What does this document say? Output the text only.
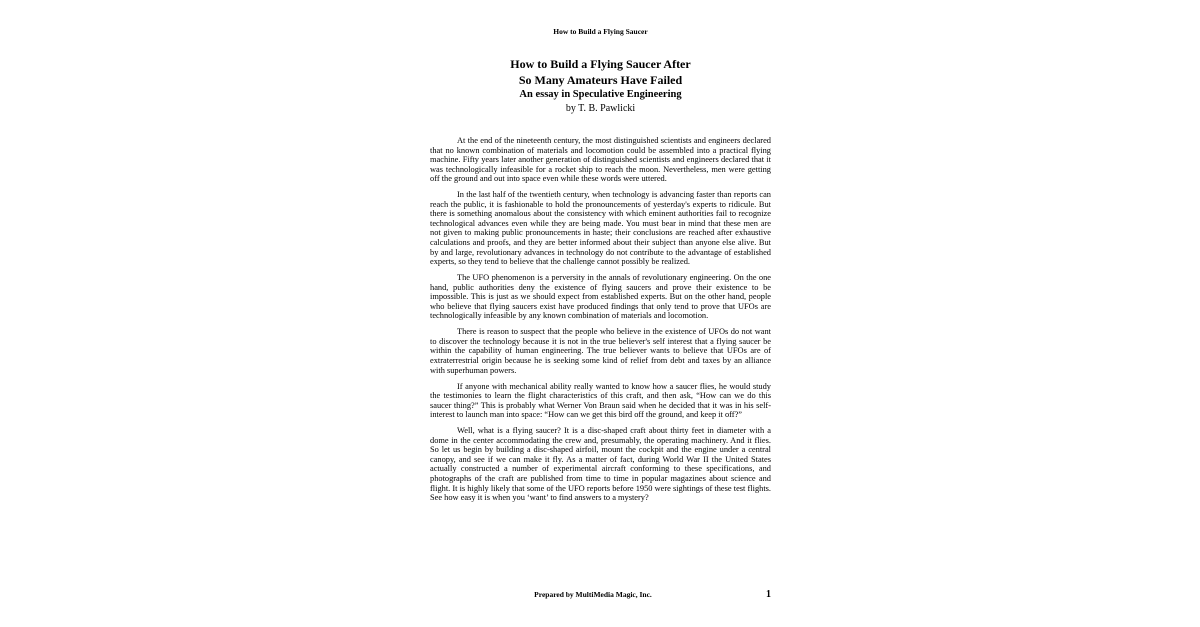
How to Build a Flying Saucer
How to Build a Flying Saucer After
So Many Amateurs Have Failed
An essay in Speculative Engineering
by T. B. Pawlicki

At the end of the nineteenth century, the most distinguished scientists and engineers declared that no known combination of materials and locomotion could be assembled into a practical flying machine. Fifty years later another generation of distinguished scientists and engineers declared that it was technologically infeasible for a rocket ship to reach the moon. Nevertheless, men were getting off the ground and out into space even while these words were uttered.

In the last half of the twentieth century, when technology is advancing faster than reports can reach the public, it is fashionable to hold the pronouncements of yesterday's experts to ridicule. But there is something anomalous about the consistency with which eminent authorities fail to recognize technological advances even while they are being made. You must bear in mind that these men are not given to making public pronouncements in haste; their conclusions are reached after exhaustive calculations and proofs, and they are better informed about their subject than anyone else alive. But by and large, revolutionary advances in technology do not contribute to the advantage of established experts, so they tend to believe that the challenge cannot possibly be realized.

The UFO phenomenon is a perversity in the annals of revolutionary engineering. On the one hand, public authorities deny the existence of flying saucers and prove their existence to be impossible. This is just as we should expect from established experts. But on the other hand, people who believe that flying saucers exist have produced findings that only tend to prove that UFOs are technologically infeasible by any known combination of materials and locomotion.

There is reason to suspect that the people who believe in the existence of UFOs do not want to discover the technology because it is not in the true believer's self interest that a flying saucer be within the capability of human engineering. The true believer wants to believe that UFOs are of extraterrestrial origin because he is seeking some kind of relief from debt and taxes by an alliance with superhuman powers.

If anyone with mechanical ability really wanted to know how a saucer flies, he would study the testimonies to learn the flight characteristics of this craft, and then ask, “How can we do this saucer thing?” This is probably what Werner Von Braun said when he decided that it was in his self-interest to launch man into space: “How can we get this bird off the ground, and keep it off?”

Well, what is a flying saucer? It is a disc-shaped craft about thirty feet in diameter with a dome in the center accommodating the crew and, presumably, the operating machinery. And it flies. So let us begin by building a disc-shaped airfoil, mount the cockpit and the engine under a central canopy, and see if we can make it fly. As a matter of fact, during World War II the United States actually constructed a number of experimental aircraft conforming to these specifications, and photographs of the craft are published from time to time in popular magazines about science and flight. It is highly likely that some of the UFO reports before 1950 were sightings of these test flights. See how easy it is when you ‘want’ to find answers to a mystery?

Prepared by MultiMedia Magic, Inc.	1
